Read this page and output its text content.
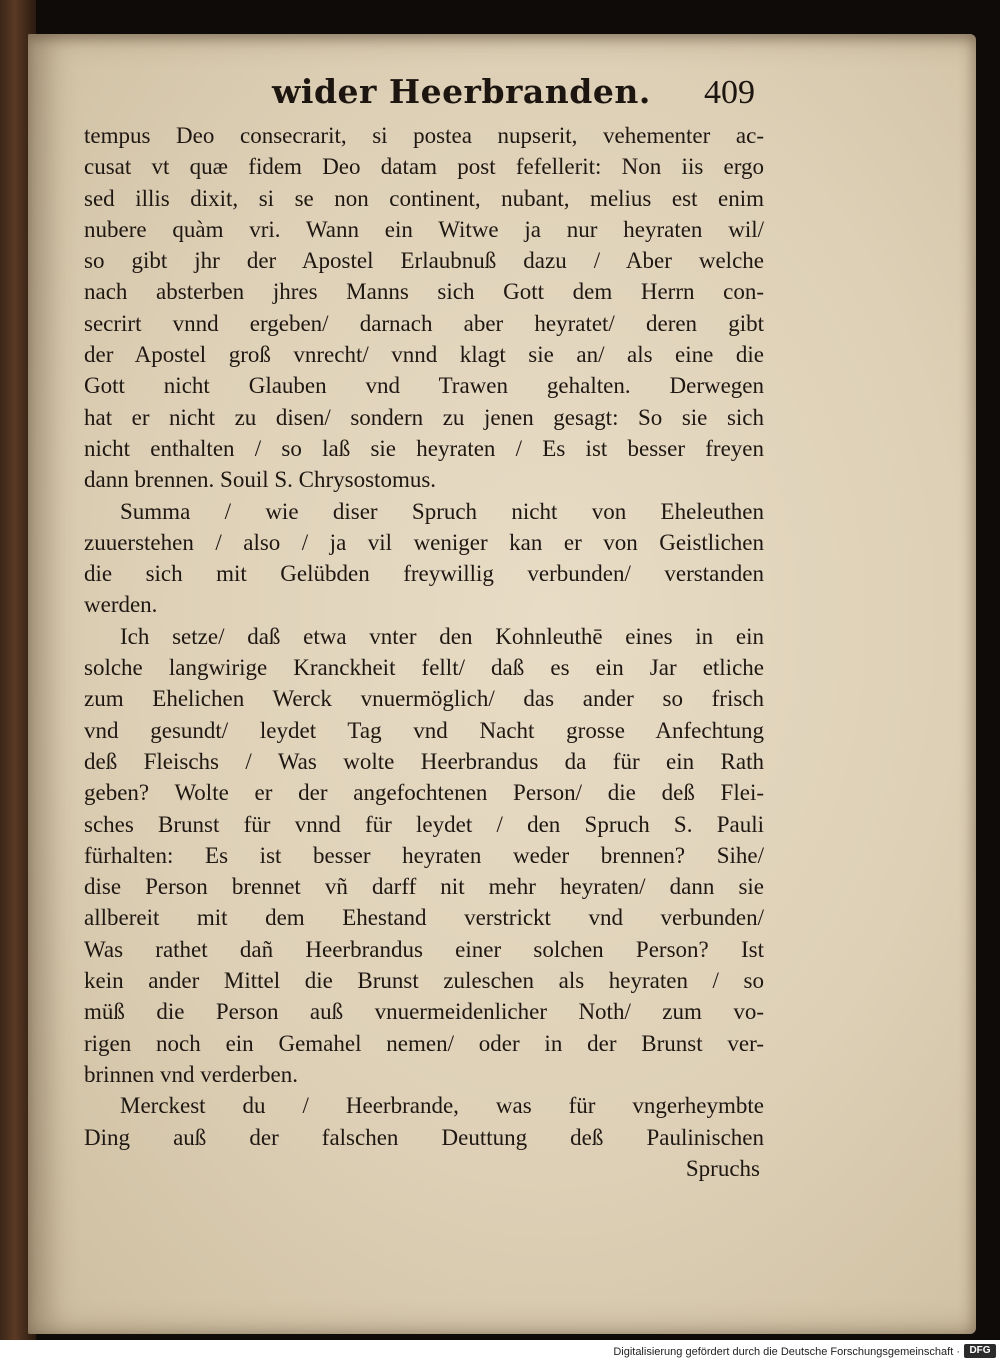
wider Heerbranden. 409
tempus Deo consecrarit, si postea nupserit, vehementer ac-
cusat vt quæ fidem Deo datam post fefellerit: Non iis ergo
sed illis dixit, si se non continent, nubant, melius est enim
nubere quàm vri. Wann ein Witwe ja nur heyraten wil/
so gibt jhr der Apostel Erlaubnuß dazu / Aber welche
nach absterben jhres Manns sich Gott dem Herrn con-
secrirt vnnd ergeben/ darnach aber heyratet/ deren gibt
der Apostel groß vnrecht/ vnnd klagt sie an/ als eine die
Gott nicht Glauben vnd Trawen gehalten. Derwegen
hat er nicht zu disen/ sondern zu jenen gesagt: So sie sich
nicht enthalten / so laß sie heyraten / Es ist besser freyen
dann brennen. Souil S. Chrysostomus.
Summa / wie diser Spruch nicht von Eheleuthen
zuuerstehen / also / ja vil weniger kan er von Geistlichen
die sich mit Gelübden freywillig verbunden/ verstanden
werden.
Ich setze/ daß etwa vnter den Kohnleuthē eines in ein
solche langwirige Kranckheit fellt/ daß es ein Jar etliche
zum Ehelichen Werck vnuermöglich/ das ander so frisch
vnd gesundt/ leydet Tag vnd Nacht grosse Anfechtung
deß Fleischs / Was wolte Heerbrandus da für ein Rath
geben? Wolte er der angefochtenen Person/ die deß Flei-
sches Brunst für vnnd für leydet / den Spruch S. Pauli
fürhalten: Es ist besser heyraten weder brennen? Sihe/
dise Person brennet vñ darff nit mehr heyraten/ dann sie
allbereit mit dem Ehestand verstrickt vnd verbunden/
Was rathet dañ Heerbrandus einer solchen Person? Ist
kein ander Mittel die Brunst zuleschen als heyraten / so
müß die Person auß vnuermeidenlicher Noth/ zum vo-
rigen noch ein Gemahel nemen/ oder in der Brunst ver-
brinnen vnd verderben.
Merckest du / Heerbrande, was für vngerheymbte
Ding auß der falschen Deuttung deß Paulinischen
Spruchs
Digitalisierung gefördert durch die Deutsche Forschungsgemeinschaft · DFG
